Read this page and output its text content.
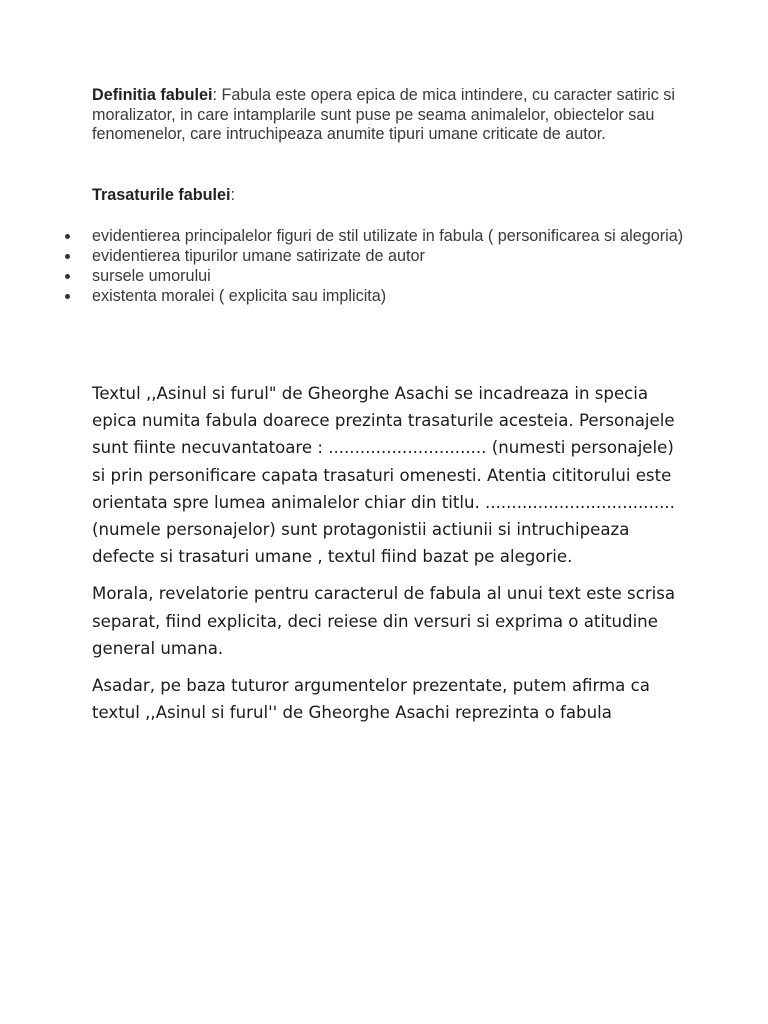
Definitia fabulei: Fabula este opera epica de mica intindere, cu caracter satiric si moralizator, in care intamplarile sunt puse pe seama animalelor, obiectelor sau fenomenelor, care intruchipeaza anumite tipuri umane criticate de autor.

Trasaturile fabulei:

evidentierea principalelor figuri de stil utilizate in fabula ( personificarea si alegoria)
evidentierea tipurilor umane satirizate de autor
sursele umorului
existenta moralei ( explicita sau implicita)

Textul ,,Asinul si furul" de Gheorghe Asachi se incadreaza in specia epica numita fabula doarece prezinta trasaturile acesteia. Personajele sunt fiinte necuvantatoare : .............................. (numesti personajele) si prin personificare capata trasaturi omenesti. Atentia cititorului este orientata spre lumea animalelor chiar din titlu. ....................................(numele personajelor) sunt protagonistii actiunii si intruchipeaza defecte si trasaturi umane , textul fiind bazat pe alegorie.

Morala, revelatorie pentru caracterul de fabula al unui text este scrisa separat, fiind explicita, deci reiese din versuri si exprima o atitudine general umana.

Asadar, pe baza tuturor argumentelor prezentate, putem afirma ca textul ,,Asinul si furul'' de Gheorghe Asachi reprezinta o fabula
